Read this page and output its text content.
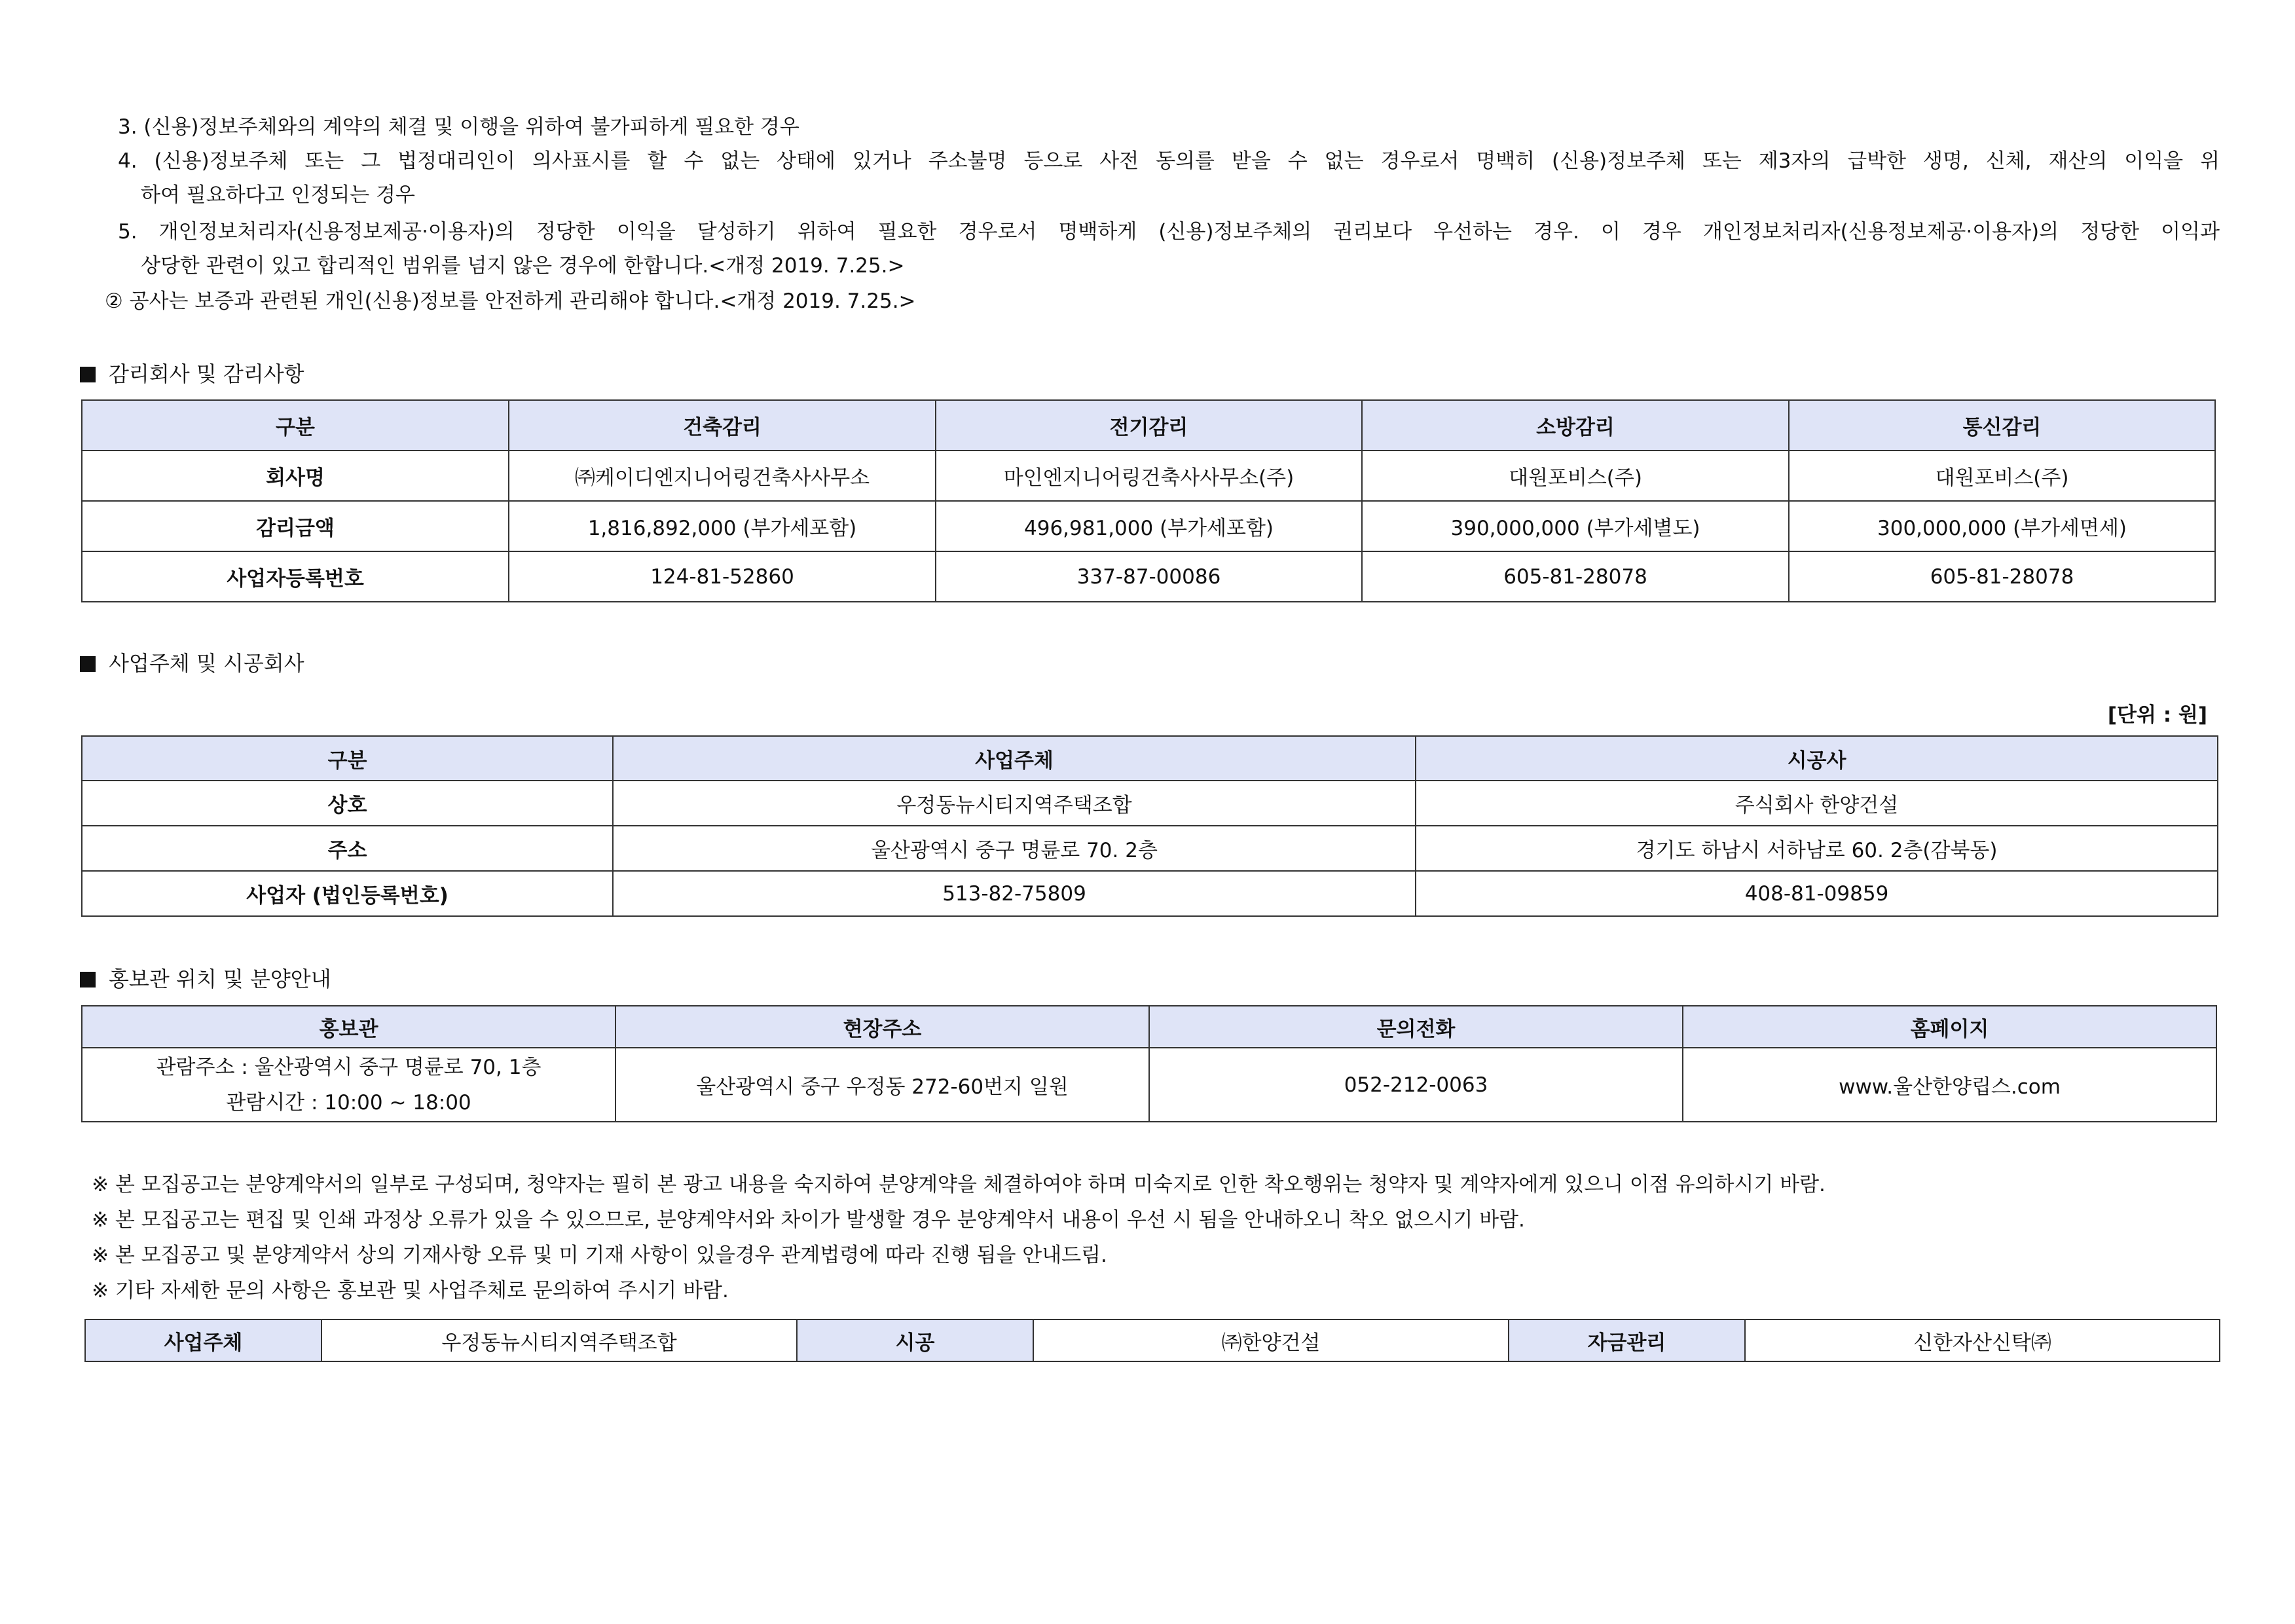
3. (신용)정보주체와의 계약의 체결 및 이행을 위하여 불가피하게 필요한 경우
4. (신용)정보주체 또는 그 법정대리인이 의사표시를 할 수 없는 상태에 있거나 주소불명 등으로 사전 동의를 받을 수 없는 경우로서 명백히 (신용)정보주체 또는 제3자의 급박한 생명, 신체, 재산의 이익을 위
하여 필요하다고 인정되는 경우
5. 개인정보처리자(신용정보제공·이용자)의 정당한 이익을 달성하기 위하여 필요한 경우로서 명백하게 (신용)정보주체의 권리보다 우선하는 경우. 이 경우 개인정보처리자(신용정보제공·이용자)의 정당한 이익과
상당한 관련이 있고 합리적인 범위를 넘지 않은 경우에 한합니다.<개정 2019. 7.25.>
② 공사는 보증과 관련된 개인(신용)정보를 안전하게 관리해야 합니다.<개정 2019. 7.25.>
감리회사 및 감리사항
구분	건축감리	전기감리	소방감리	통신감리
회사명	㈜케이디엔지니어링건축사사무소	마인엔지니어링건축사사무소(주)	대원포비스(주)	대원포비스(주)
감리금액	1,816,892,000 (부가세포함)	496,981,000 (부가세포함)	390,000,000 (부가세별도)	300,000,000 (부가세면세)
사업자등록번호	124-81-52860	337-87-00086	605-81-28078	605-81-28078
사업주체 및 시공회사
[단위 : 원]
구분	사업주체	시공사
상호	우정동뉴시티지역주택조합	주식회사 한양건설
주소	울산광역시 중구 명륜로 70. 2층	경기도 하남시 서하남로 60. 2층(감북동)
사업자 (법인등록번호)	513-82-75809	408-81-09859
홍보관 위치 및 분양안내
홍보관	현장주소	문의전화	홈페이지

관람주소 : 울산광역시 중구 명륜로 70, 1층
관람시간 : 10:00 ~ 18:00	울산광역시 중구 우정동 272-60번지 일원	052-212-0063	www.울산한양립스.com
※ 본 모집공고는 분양계약서의 일부로 구성되며, 청약자는 필히 본 광고 내용을 숙지하여 분양계약을 체결하여야 하며 미숙지로 인한 착오행위는 청약자 및 계약자에게 있으니 이점 유의하시기 바람.
※ 본 모집공고는 편집 및 인쇄 과정상 오류가 있을 수 있으므로, 분양계약서와 차이가 발생할 경우 분양계약서 내용이 우선 시 됨을 안내하오니 착오 없으시기 바람.
※ 본 모집공고 및 분양계약서 상의 기재사항 오류 및 미 기재 사항이 있을경우 관계법령에 따라 진행 됨을 안내드림.
※ 기타 자세한 문의 사항은 홍보관 및 사업주체로 문의하여 주시기 바람.
사업주체	우정동뉴시티지역주택조합	시공	㈜한양건설	자금관리	신한자산신탁㈜
